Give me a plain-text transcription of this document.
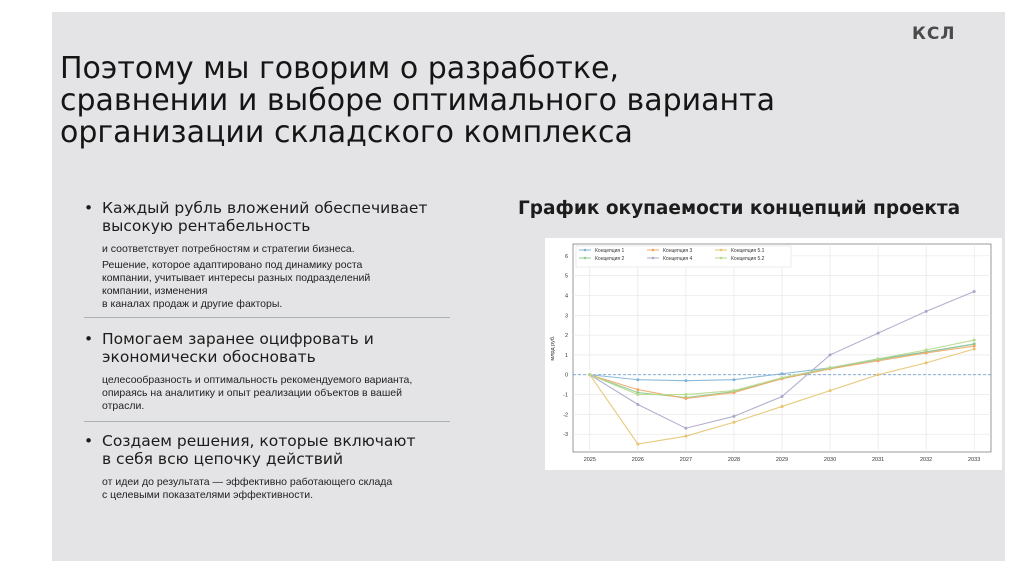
КСЛ
Поэтому мы говорим о разработке,
сравнении и выборе оптимального варианта
организации складского комплекса
• Каждый рубль вложений обеспечивает
высокую рентабельность
и соответствует потребностям и стратегии бизнеса.
Решение, которое адаптировано под динамику роста
компании, учитывает интересы разных подразделений
компании, изменения
в каналах продаж и другие факторы.
• Помогаем заранее оцифровать и
экономически обосновать
целесообразность и оптимальность рекомендуемого варианта,
опираясь на аналитику и опыт реализации объектов в вашей
отрасли.
• Создаем решения, которые включают
в себя всю цепочку действий
от идеи до результата — эффективно работающего склада
с целевыми показателями эффективности.
График окупаемости концепций проекта
-3
-2
-1
0
1
2
3
4
5
6
2025	2026	2027	2028	2029	2030	2031	2032	2033
млрд руб.
Концепция 1
Концепция 2
Концепция 3
Концепция 4
Концепция 5.1
Концепция 5.2
